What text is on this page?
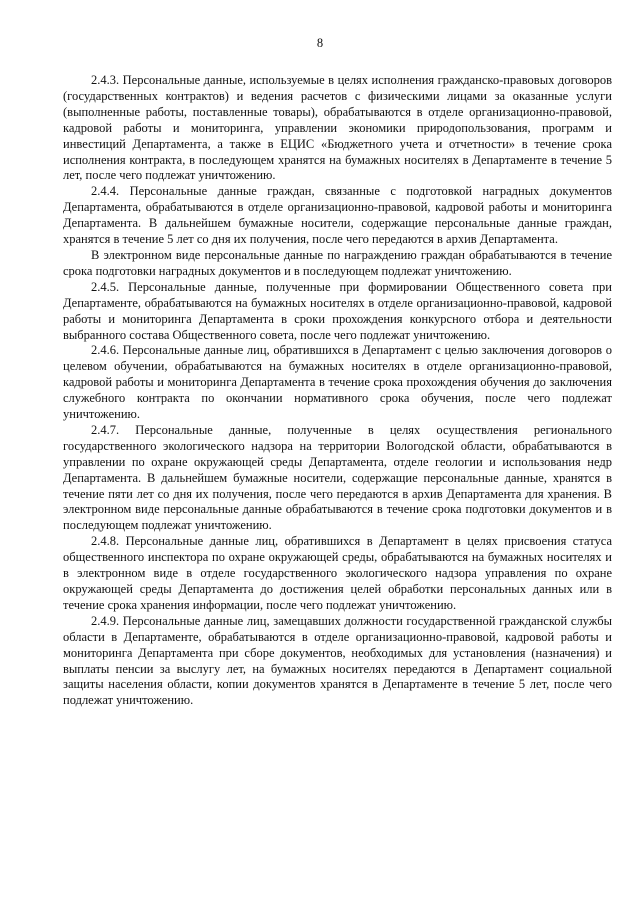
8

2.4.3. Персональные данные, используемые в целях исполнения гражданско-правовых договоров (государственных контрактов) и ведения расчетов с физическими лицами за оказанные услуги (выполненные работы, поставленные товары), обрабатываются в отделе организационно-правовой, кадровой работы и мониторинга, управлении экономики природопользования, программ и инвестиций Департамента, а также в ЕЦИС «Бюджетного учета и отчетности» в течение срока исполнения контракта, в последующем хранятся на бумажных носителях в Департаменте в течение 5 лет, после чего подлежат уничтожению.

2.4.4. Персональные данные граждан, связанные с подготовкой наградных документов Департамента, обрабатываются в отделе организационно-правовой, кадровой работы и мониторинга Департамента. В дальнейшем бумажные носители, содержащие персональные данные граждан, хранятся в течение 5 лет со дня их получения, после чего передаются в архив Департамента.

В электронном виде персональные данные по награждению граждан обрабатываются в течение срока подготовки наградных документов и в последующем подлежат уничтожению.

2.4.5. Персональные данные, полученные при формировании Общественного совета при Департаменте, обрабатываются на бумажных носителях в отделе организационно-правовой, кадровой работы и мониторинга Департамента в сроки прохождения конкурсного отбора и деятельности выбранного состава Общественного совета, после чего подлежат уничтожению.

2.4.6. Персональные данные лиц, обратившихся в Департамент с целью заключения договоров о целевом обучении, обрабатываются на бумажных носителях в отделе организационно-правовой, кадровой работы и мониторинга Департамента в течение срока прохождения обучения до заключения служебного контракта по окончании нормативного срока обучения, после чего подлежат уничтожению.

2.4.7. Персональные данные, полученные в целях осуществления регионального государственного экологического надзора на территории Вологодской области, обрабатываются в управлении по охране окружающей среды Департамента, отделе геологии и использования недр Департамента. В дальнейшем бумажные носители, содержащие персональные данные, хранятся в течение пяти лет со дня их получения, после чего передаются в архив Департамента для хранения. В электронном виде персональные данные обрабатываются в течение срока подготовки документов и в последующем подлежат уничтожению.

2.4.8. Персональные данные лиц, обратившихся в Департамент в целях присвоения статуса общественного инспектора по охране окружающей среды, обрабатываются на бумажных носителях и в электронном виде в отделе государственного экологического надзора управления по охране окружающей среды Департамента до достижения целей обработки персональных данных или в течение срока хранения информации, после чего подлежат уничтожению.

2.4.9. Персональные данные лиц, замещавших должности государственной гражданской службы области в Департаменте, обрабатываются в отделе организационно-правовой, кадровой работы и мониторинга Департамента при сборе документов, необходимых для установления (назначения) и выплаты пенсии за выслугу лет, на бумажных носителях передаются в Департамент социальной защиты населения области, копии документов хранятся в Департаменте в течение 5 лет, после чего подлежат уничтожению.
